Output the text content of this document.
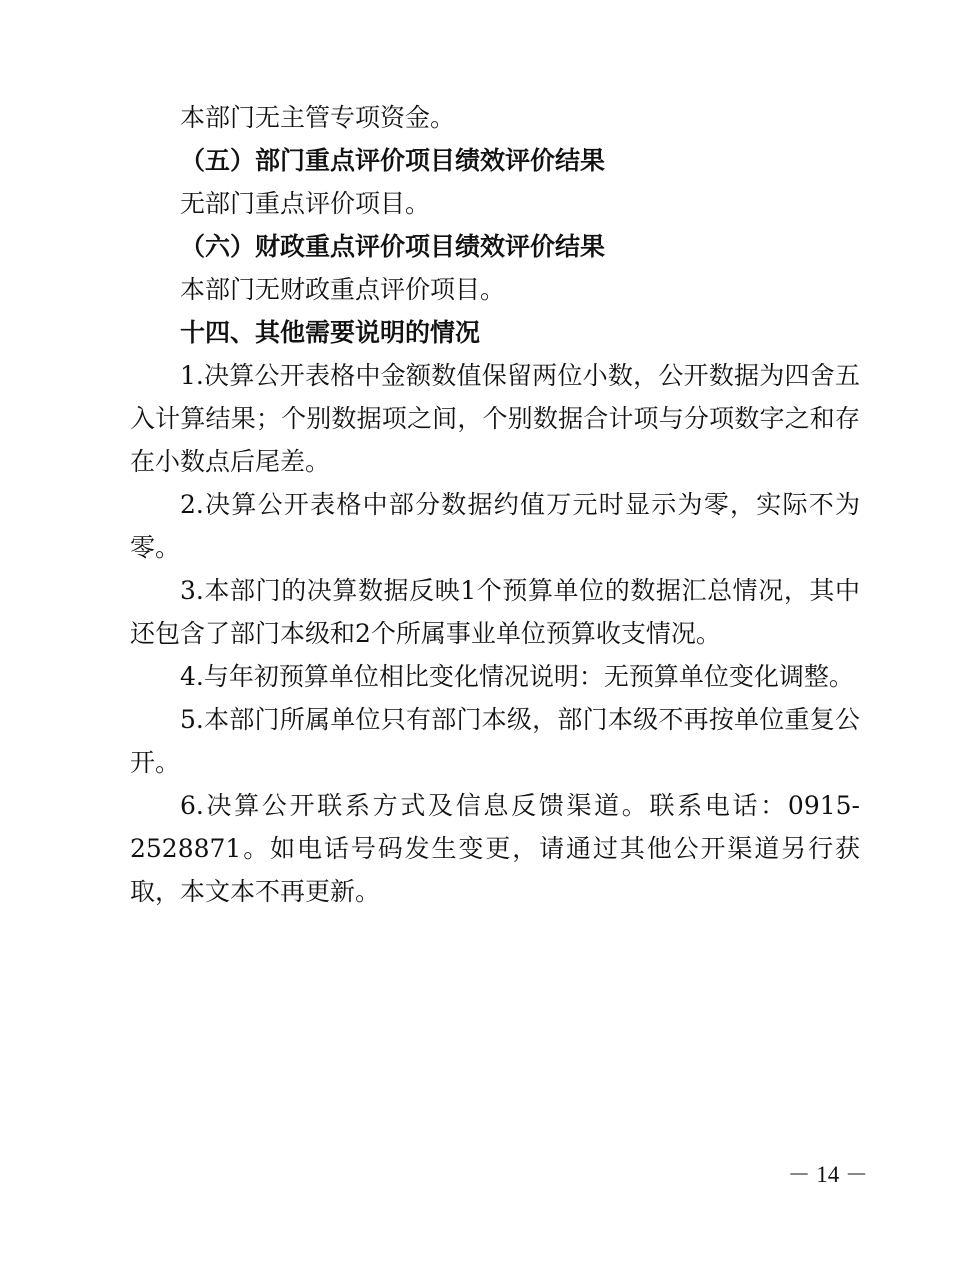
本部门无主管专项资金。

（五）部门重点评价项目绩效评价结果

无部门重点评价项目。

（六）财政重点评价项目绩效评价结果

本部门无财政重点评价项目。

十四、其他需要说明的情况

1.决算公开表格中金额数值保留两位小数，公开数据为四舍五入计算结果；个别数据项之间，个别数据合计项与分项数字之和存在小数点后尾差。

2.决算公开表格中部分数据约值万元时显示为零，实际不为零。

3.本部门的决算数据反映1个预算单位的数据汇总情况，其中还包含了部门本级和2个所属事业单位预算收支情况。

4.与年初预算单位相比变化情况说明：无预算单位变化调整。

5.本部门所属单位只有部门本级，部门本级不再按单位重复公开。

6.决算公开联系方式及信息反馈渠道。联系电话：0915-2528871。如电话号码发生变更，请通过其他公开渠道另行获取，本文本不再更新。

－ 14 －
